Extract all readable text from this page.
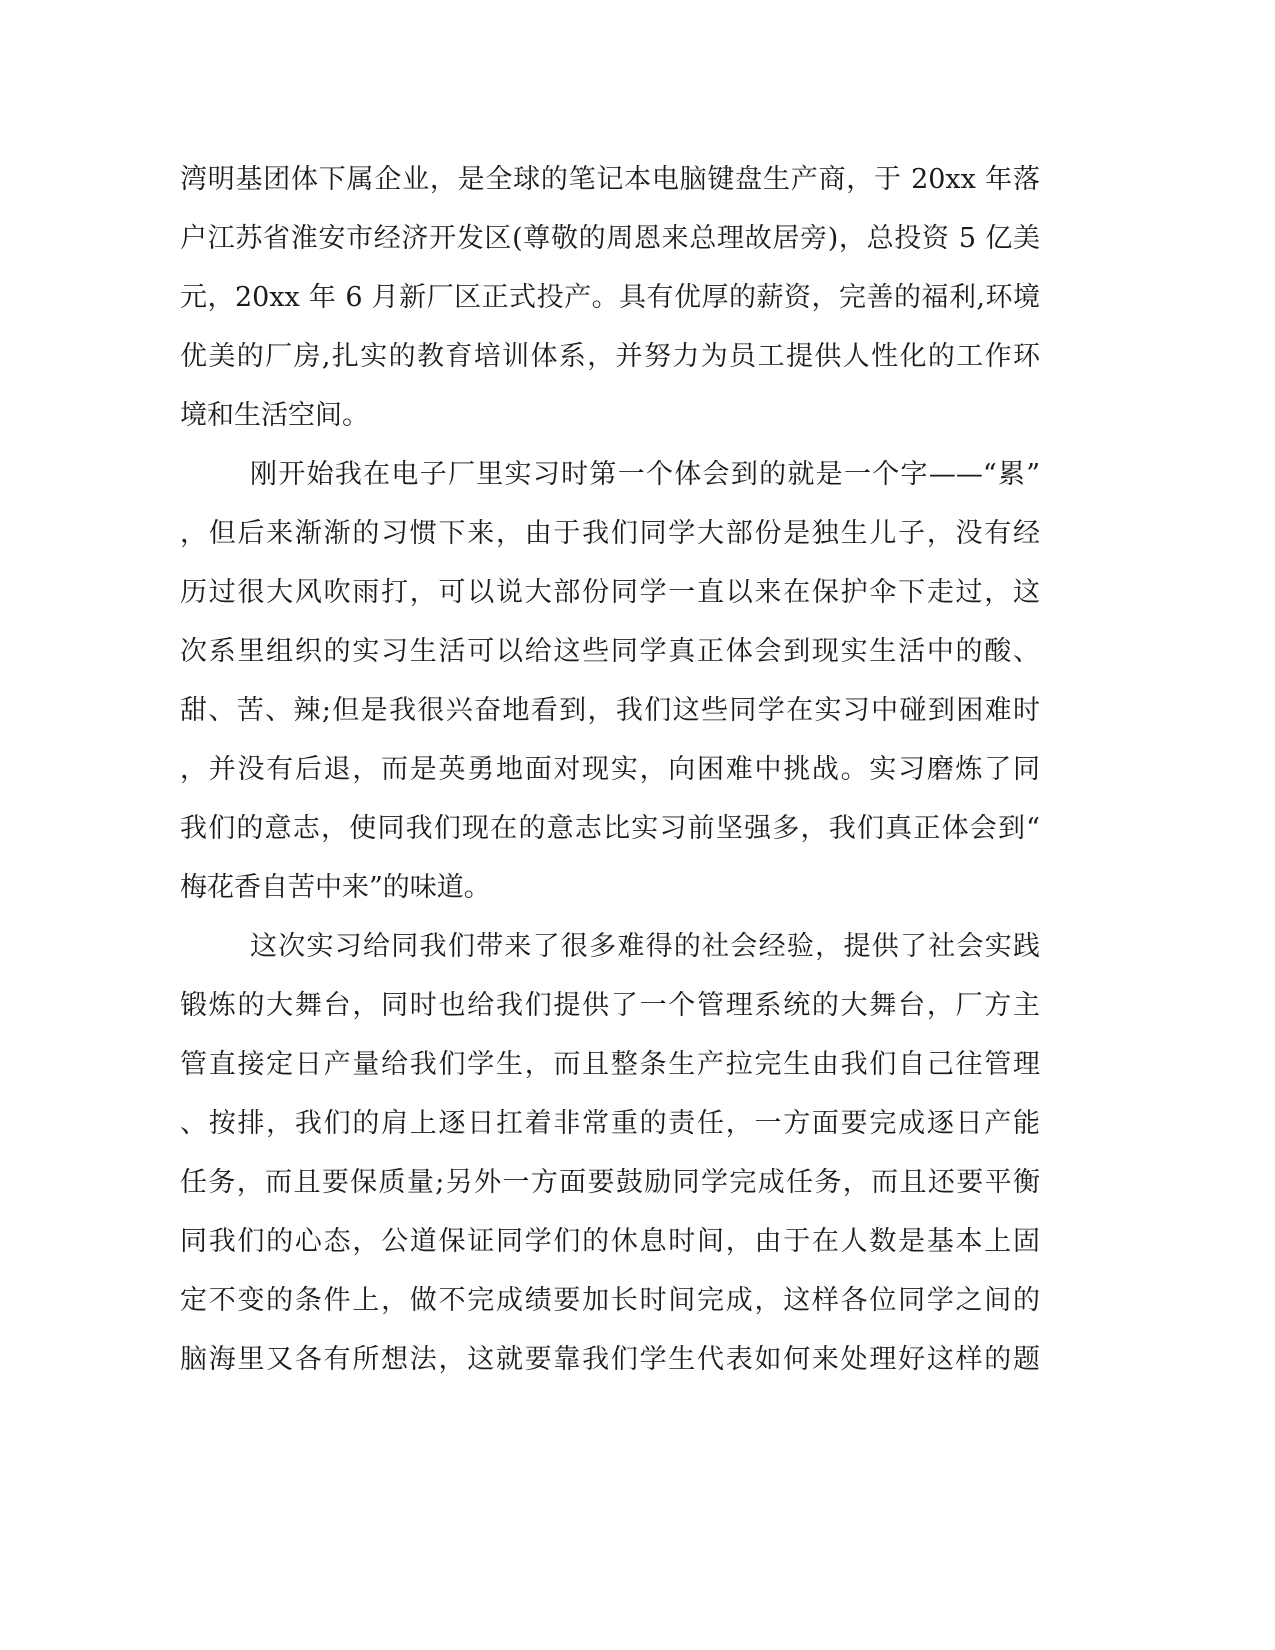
湾明基团体下属企业，是全球的笔记本电脑键盘生产商，于 20xx 年落
户江苏省淮安市经济开发区(尊敬的周恩来总理故居旁)，总投资 5 亿美
元，20xx 年 6 月新厂区正式投产。具有优厚的薪资，完善的福利,环境
优美的厂房,扎实的教育培训体系，并努力为员工提供人性化的工作环
境和生活空间。
刚开始我在电子厂里实习时第一个体会到的就是一个字——“累”
，但后来渐渐的习惯下来，由于我们同学大部份是独生儿子，没有经
历过很大风吹雨打，可以说大部份同学一直以来在保护伞下走过，这
次系里组织的实习生活可以给这些同学真正体会到现实生活中的酸、
甜、苦、辣;但是我很兴奋地看到，我们这些同学在实习中碰到困难时
，并没有后退，而是英勇地面对现实，向困难中挑战。实习磨炼了同
我们的意志，使同我们现在的意志比实习前坚强多，我们真正体会到“
梅花香自苦中来”的味道。
这次实习给同我们带来了很多难得的社会经验，提供了社会实践
锻炼的大舞台，同时也给我们提供了一个管理系统的大舞台，厂方主
管直接定日产量给我们学生，而且整条生产拉完生由我们自己往管理
、按排，我们的肩上逐日扛着非常重的责任，一方面要完成逐日产能
任务，而且要保质量;另外一方面要鼓励同学完成任务，而且还要平衡
同我们的心态，公道保证同学们的休息时间，由于在人数是基本上固
定不变的条件上，做不完成绩要加长时间完成，这样各位同学之间的
脑海里又各有所想法，这就要靠我们学生代表如何来处理好这样的题
